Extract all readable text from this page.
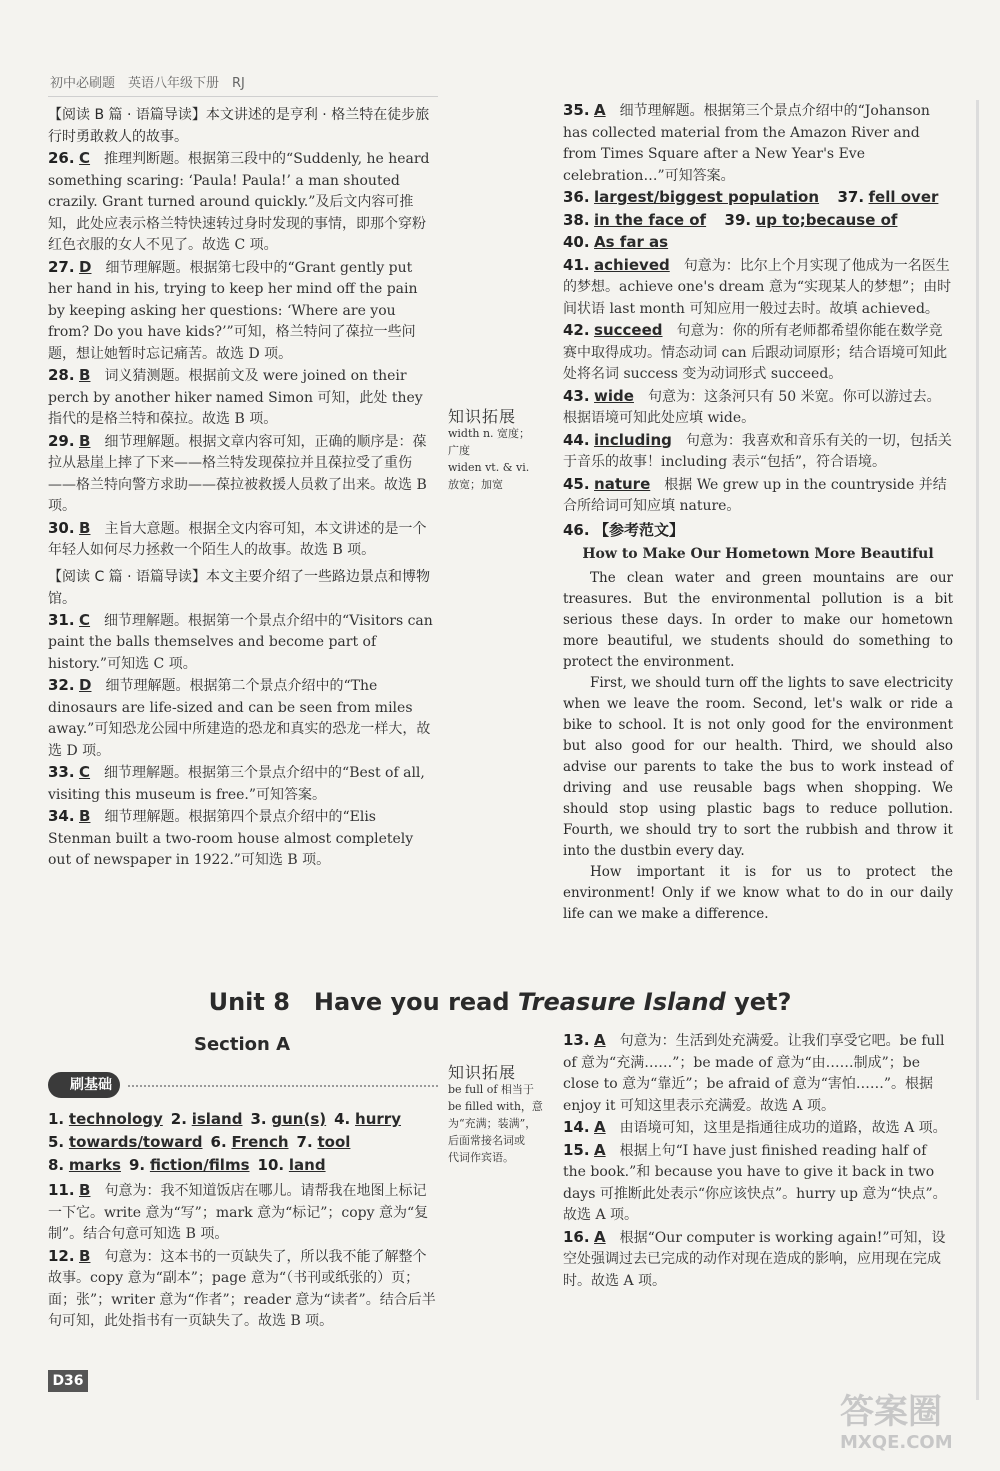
初中必刷题　英语八年级下册　RJ

【阅读 B 篇 · 语篇导读】本文讲述的是亨利 · 格兰特在徒步旅行时勇敢救人的故事。

26. C　 推理判断题。根据第三段中的“Suddenly, he heard something scaring: ‘Paula! Paula!’ a man shouted crazily. Grant turned around quickly.”及后文内容可推知，此处应表示格兰特快速转过身时发现的事情，即那个穿粉红色衣服的女人不见了。故选 C 项。

27. D　 细节理解题。根据第七段中的“Grant gently put her hand in his, trying to keep her mind off the pain by keeping asking her questions: ‘Where are you from? Do you have kids?’”可知，格兰特问了葆拉一些问题，想让她暂时忘记痛苦。故选 D 项。

28. B　 词义猜测题。根据前文及 were joined on their perch by another hiker named Simon 可知，此处 they 指代的是格兰特和葆拉。故选 B 项。

29. B　 细节理解题。根据文章内容可知，正确的顺序是：葆拉从悬崖上摔了下来——格兰特发现葆拉并且葆拉受了重伤——格兰特向警方求助——葆拉被救援人员救了出来。故选 B 项。

30. B　 主旨大意题。根据全文内容可知，本文讲述的是一个年轻人如何尽力拯救一个陌生人的故事。故选 B 项。

【阅读 C 篇 · 语篇导读】本文主要介绍了一些路边景点和博物馆。

31. C　 细节理解题。根据第一个景点介绍中的“Visitors can paint the balls themselves and become part of history.”可知选 C 项。

32. D　 细节理解题。根据第二个景点介绍中的“The dinosaurs are life-sized and can be seen from miles away.”可知恐龙公园中所建造的恐龙和真实的恐龙一样大，故选 D 项。

33. C　 细节理解题。根据第三个景点介绍中的“Best of all, visiting this museum is free.”可知答案。

34. B　 细节理解题。根据第四个景点介绍中的“Elis Stenman built a two-room house almost completely out of newspaper in 1922.”可知选 B 项。

知识拓展
width n. 宽度；
广度
widen vt. & vi.
放宽；加宽

35. A　 细节理解题。根据第三个景点介绍中的“Johanson has collected material from the Amazon River and from Times Square after a New Year's Eve celebration…”可知答案。

36. largest/biggest population　 37. fell over

38. in the face of　 39. up to;because of

40. As far as

41. achieved　 句意为：比尔上个月实现了他成为一名医生的梦想。achieve one's dream 意为“实现某人的梦想”；由时间状语 last month 可知应用一般过去时。故填 achieved。

42. succeed　 句意为：你的所有老师都希望你能在数学竞赛中取得成功。情态动词 can 后跟动词原形；结合语境可知此处将名词 success 变为动词形式 succeed。

43. wide　 句意为：这条河只有 50 米宽。你可以游过去。根据语境可知此处应填 wide。

44. including　 句意为：我喜欢和音乐有关的一切，包括关于音乐的故事！including 表示“包括”，符合语境。

45. nature　 根据 We grew up in the countryside 并结合所给词可知应填 nature。

46. 【参考范文】

How to Make Our Hometown More Beautiful

The clean water and green mountains are our treasures. But the environmental pollution is a bit serious these days. In order to make our hometown more beautiful, we students should do something to protect the environment.

First, we should turn off the lights to save electricity when we leave the room. Second, let's walk or ride a bike to school. It is not only good for the environment but also good for our health. Third, we should also advise our parents to take the bus to work instead of driving and use reusable bags when shopping. We should stop using plastic bags to reduce pollution. Fourth, we should try to sort the rubbish and throw it into the dustbin every day.

How important it is for us to protect the environment! Only if we know what to do in our daily life can we make a difference.

Unit 8　Have you read Treasure Island yet?
Section A
刷基础
1. technology 2. island 3. gun(s) 4. hurry
5. towards/toward 6. French 7. tool
8. marks 9. fiction/films 10. land

11. B　 句意为：我不知道饭店在哪儿。请帮我在地图上标记一下它。write 意为“写”；mark 意为“标记”；copy 意为“复制”。结合句意可知选 B 项。

12. B　 句意为：这本书的一页缺失了，所以我不能了解整个故事。copy 意为“副本”；page 意为“（书刊或纸张的）页；面；张”；writer 意为“作者”；reader 意为“读者”。结合后半句可知，此处指书有一页缺失了。故选 B 项。

知识拓展
be full of 相当于
be filled with，意
为“充满；装满”，
后面常接名词或
代词作宾语。

13. A　 句意为：生活到处充满爱。让我们享受它吧。be full of 意为“充满……”；be made of 意为“由……制成”；be close to 意为“靠近”；be afraid of 意为“害怕……”。根据 enjoy it 可知这里表示充满爱。故选 A 项。

14. A　 由语境可知，这里是指通往成功的道路，故选 A 项。

15. A　 根据上句“I have just finished reading half of the book.”和 because you have to give it back in two days 可推断此处表示“你应该快点”。hurry up 意为“快点”。故选 A 项。

16. A　 根据“Our computer is working again!”可知，设空处强调过去已完成的动作对现在造成的影响，应用现在完成时。故选 A 项。

D36
答案圈
MXQE.COM
